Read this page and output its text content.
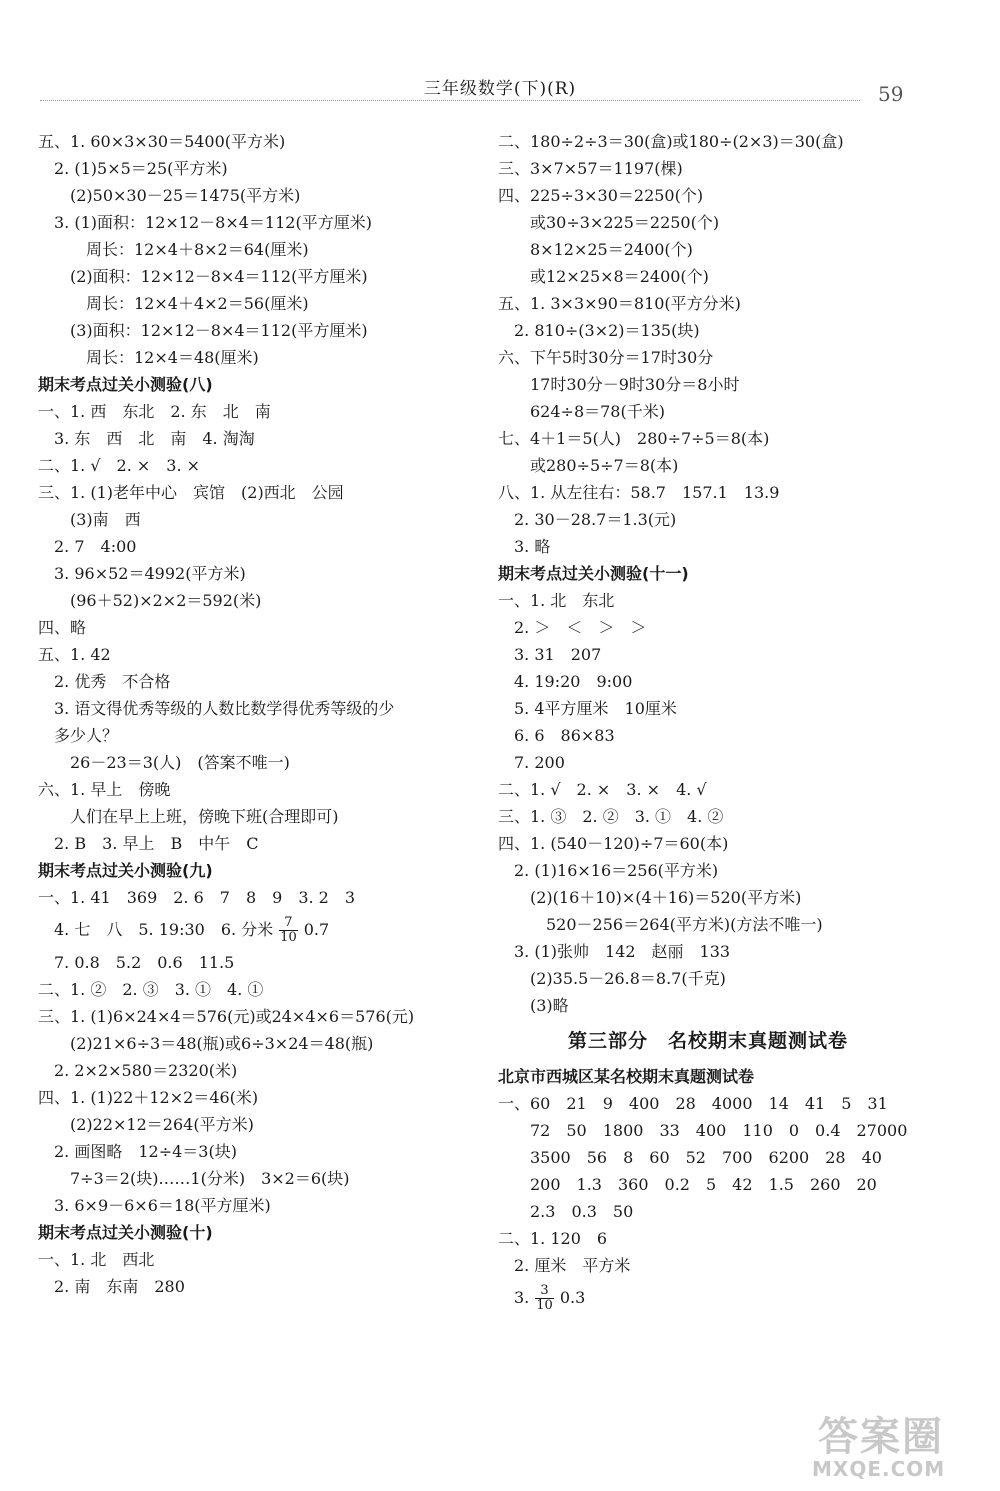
三年级数学(下)(R)	59
五、1. 60×3×30＝5400(平方米)
　2. (1)5×5＝25(平方米)
　　(2)50×30－25＝1475(平方米)
　3. (1)面积：12×12－8×4＝112(平方厘米)
　　　周长：12×4＋8×2＝64(厘米)
　　(2)面积：12×12－8×4＝112(平方厘米)
　　　周长：12×4＋4×2＝56(厘米)
　　(3)面积：12×12－8×4＝112(平方厘米)
　　　周长：12×4＝48(厘米)
期末考点过关小测验(八)
一、1. 西　东北　2. 东　北　南
　3. 东　西　北　南　4. 淘淘
二、1. √　2. ×　3. ×
三、1. (1)老年中心　宾馆　(2)西北　公园
　　(3)南　西
　2. 7　4:00
　3. 96×52＝4992(平方米)
　　(96＋52)×2×2＝592(米)
四、略
五、1. 42
　2. 优秀　不合格
　3. 语文得优秀等级的人数比数学得优秀等级的少
　多少人？
　　26－23＝3(人)　(答案不唯一)
六、1. 早上　傍晚
　　人们在早上上班，傍晚下班(合理即可)
　2. B　3. 早上　B　中午　C
期末考点过关小测验(九)
一、1. 41　369　2. 6　7　8　9　3. 2　3
　4. 七　八　5. 19:30　6. 分米 $\frac{7}{10} 0.7$
　7. 0.8　5.2　0.6　11.5
二、1. ②　2. ③　3. ①　4. ①
三、1. (1)6×24×4＝576(元)或24×4×6＝576(元)
　　(2)21×6÷3＝48(瓶)或6÷3×24＝48(瓶)
　2. 2×2×580＝2320(米)
四、1. (1)22＋12×2＝46(米)
　　(2)22×12＝264(平方米)
　2. 画图略　12÷4＝3(块)
　　7÷3＝2(块)……1(分米)　3×2＝6(块)
　3. 6×9－6×6＝18(平方厘米)
期末考点过关小测验(十)
一、1. 北　西北
　2. 南　东南　280
二、180÷2÷3＝30(盒)或180÷(2×3)＝30(盒)
三、3×7×57＝1197(棵)
四、225÷3×30＝2250(个)
　　或30÷3×225＝2250(个)
　　8×12×25＝2400(个)
　　或12×25×8＝2400(个)
五、1. 3×3×90＝810(平方分米)
　2. 810÷(3×2)＝135(块)
六、下午5时30分＝17时30分
　　17时30分－9时30分＝8小时
　　624÷8＝78(千米)
七、4＋1＝5(人)　280÷7÷5＝8(本)
　　或280÷5÷7＝8(本)
八、1. 从左往右：58.7　157.1　13.9
　2. 30－28.7＝1.3(元)
　3. 略
期末考点过关小测验(十一)
一、1. 北　东北
　2. ＞　＜　＞　＞
　3. 31　207
　4. 19:20　9:00
　5. 4平方厘米　10厘米
　6. 6　86×83
　7. 200
二、1. √　2. ×　3. ×　4. √
三、1. ③　2. ②　3. ①　4. ②
四、1. (540－120)÷7＝60(本)
　2. (1)16×16＝256(平方米)
　　(2)(16＋10)×(4＋16)＝520(平方米)
　　　520－256＝264(平方米)(方法不唯一)
　3. (1)张帅　142　赵丽　133
　　(2)35.5－26.8＝8.7(千克)
　　(3)略
第三部分　名校期末真题测试卷
北京市西城区某名校期末真题测试卷
一、60　21　9　400　28　4000　14　41　5　31
　　72　50　1800　33　400　110　0　0.4　27000
　　3500　56　8　60　52　700　6200　28　40
　　200　1.3　360　0.2　5　42　1.5　260　20
　　2.3　0.3　50
二、1. 120　6
　2. 厘米　平方米
　3. $\frac{3}{10} 0.3$
答案圈
MXQE.COM
